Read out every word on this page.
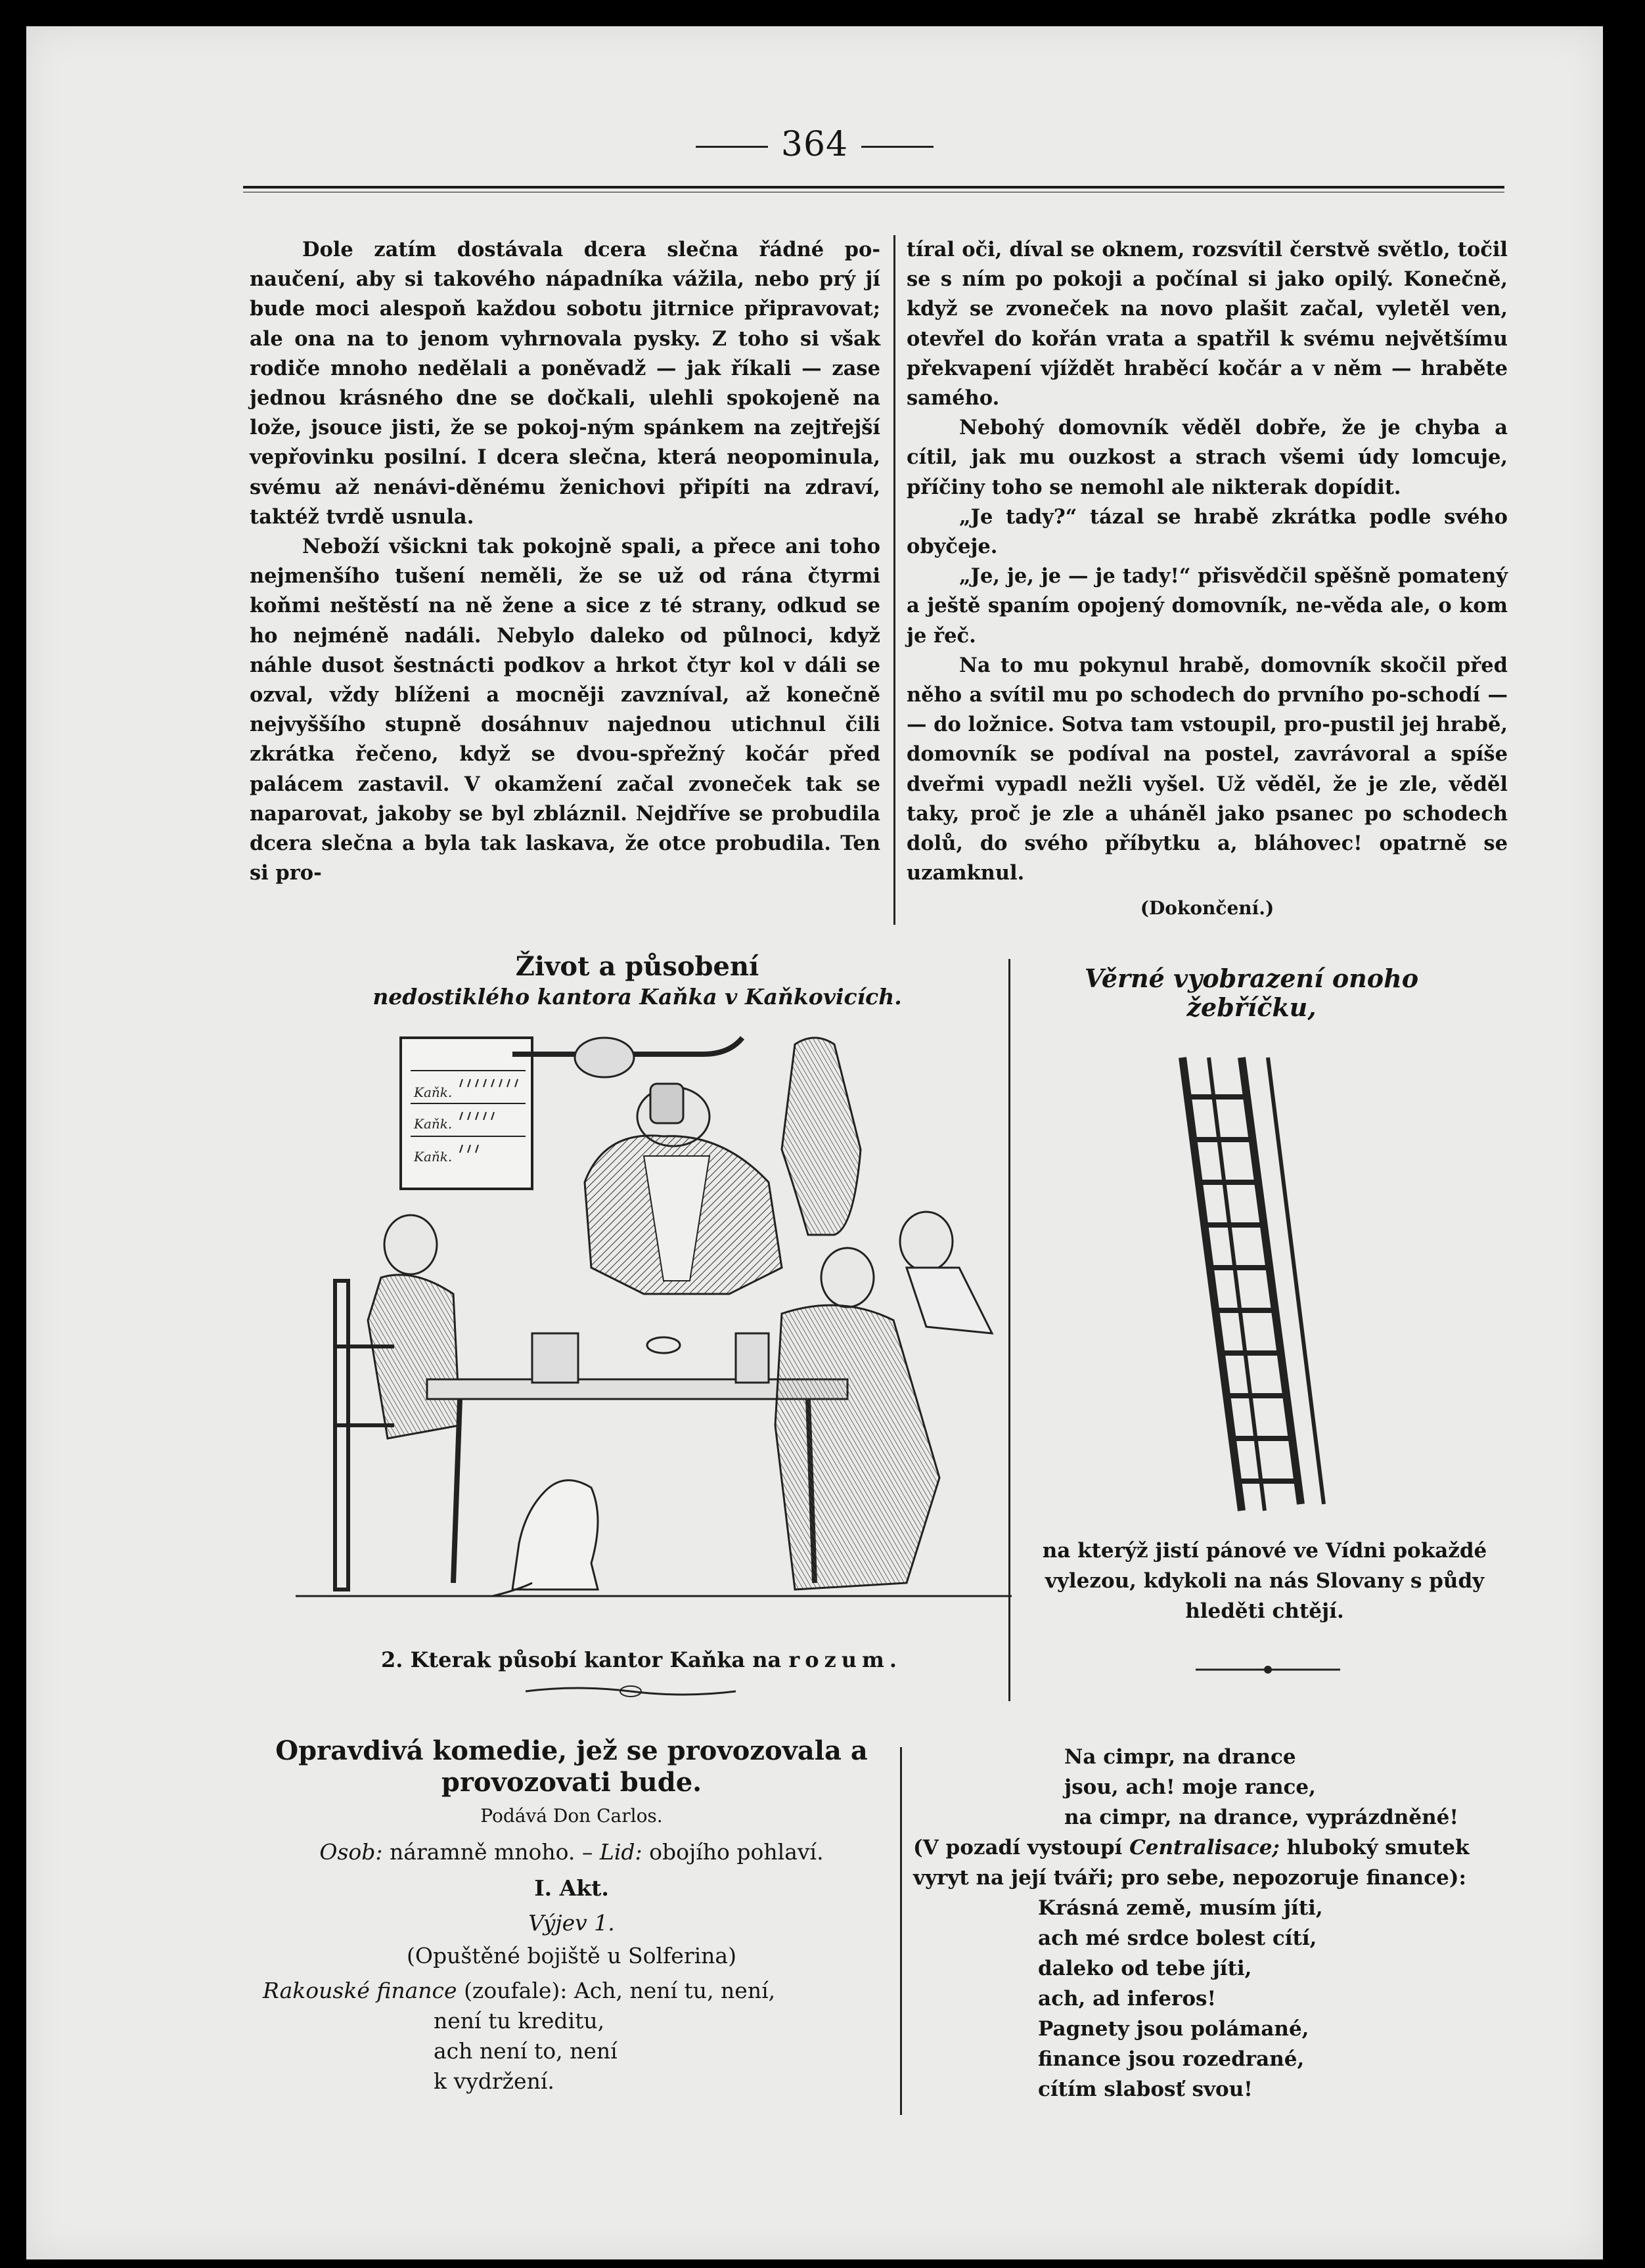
364

Dole zatím dostávala dcera slečna řádné po-naučení, aby si takového nápadníka vážila, nebo prý jí bude moci alespoň každou sobotu jitrnice připravovat; ale ona na to jenom vyhrnovala pysky. Z toho si však rodiče mnoho nedělali a poněvadž — jak říkali — zase jednou krásného dne se dočkali, ulehli spokojeně na lože, jsouce jisti, že se pokoj-ným spánkem na zejtřejší vepřovinku posilní. I dcera slečna, která neopominula, svému až nenávi-děnému ženichovi připíti na zdraví, taktéž tvrdě usnula.

Neboží všickni tak pokojně spali, a přece ani toho nejmenšího tušení neměli, že se už od rána čtyrmi koňmi neštěstí na ně žene a sice z té strany, odkud se ho nejméně nadáli. Nebylo daleko od půlnoci, když náhle dusot šestnácti podkov a hrkot čtyr kol v dáli se ozval, vždy blíženi a mocněji zavzníval, až konečně nejvyššího stupně dosáhnuv najednou utichnul čili zkrátka řečeno, když se dvou-spřežný kočár před palácem zastavil. V okamžení začal zvoneček tak se naparovat, jakoby se byl zbláznil. Nejdříve se probudila dcera slečna a byla tak laskava, že otce probudila. Ten si pro-

tíral oči, díval se oknem, rozsvítil čerstvě světlo, točil se s ním po pokoji a počínal si jako opilý. Konečně, když se zvoneček na novo plašit začal, vyletěl ven, otevřel do kořán vrata a spatřil k svému největšímu překvapení vjíždět hraběcí kočár a v něm — hraběte samého.

Nebohý domovník věděl dobře, že je chyba a cítil, jak mu ouzkost a strach všemi údy lomcuje, příčiny toho se nemohl ale nikterak dopídit.

„Je tady?“ tázal se hrabě zkrátka podle svého obyčeje.

„Je, je, je — je tady!“ přisvědčil spěšně pomatený a ještě spaním opojený domovník, ne-věda ale, o kom je řeč.

Na to mu pokynul hrabě, domovník skočil před něho a svítil mu po schodech do prvního po-schodí — — do ložnice. Sotva tam vstoupil, pro-pustil jej hrabě, domovník se podíval na postel, zavrávoral a spíše dveřmi vypadl nežli vyšel. Už věděl, že je zle, věděl taky, proč je zle a uháněl jako psanec po schodech dolů, do svého příbytku a, bláhovec! opatrně se uzamknul.

(Dokončení.)

Život a působení
nedostiklého kantora Kaňka v Kaňkovicích.
Kaňk.
Kaňk.
Kaňk.
2. Kterak působí kantor Kaňka na rozum.
Věrné vyobrazení onoho
žebříčku,
na kterýž jistí pánové ve Vídni pokaždé
vylezou, kdykoli na nás Slovany s půdy
hleděti chtějí.
Opravdivá komedie, jež se provozovala a
provozovati bude.
Podává Don Carlos.
Osob: náramně mnoho. – Lid: obojího pohlaví.
I. Akt.
Výjev 1.
(Opuštěné bojiště u Solferina)
Rakouské finance (zoufale): Ach, není tu, není,
není tu kreditu,
ach není to, není
k vydržení.
Na cimpr, na drance
jsou, ach! moje rance,
na cimpr, na drance, vyprázdněné!
(V pozadí vystoupí Centralisace; hluboký smutek
vyryt na její tváři; pro sebe, nepozoruje finance):
Krásná země, musím jíti,
ach mé srdce bolest cítí,
daleko od tebe jíti,
ach, ad inferos!
Pagnety jsou polámané,
finance jsou rozedrané,
cítím slabosť svou!
